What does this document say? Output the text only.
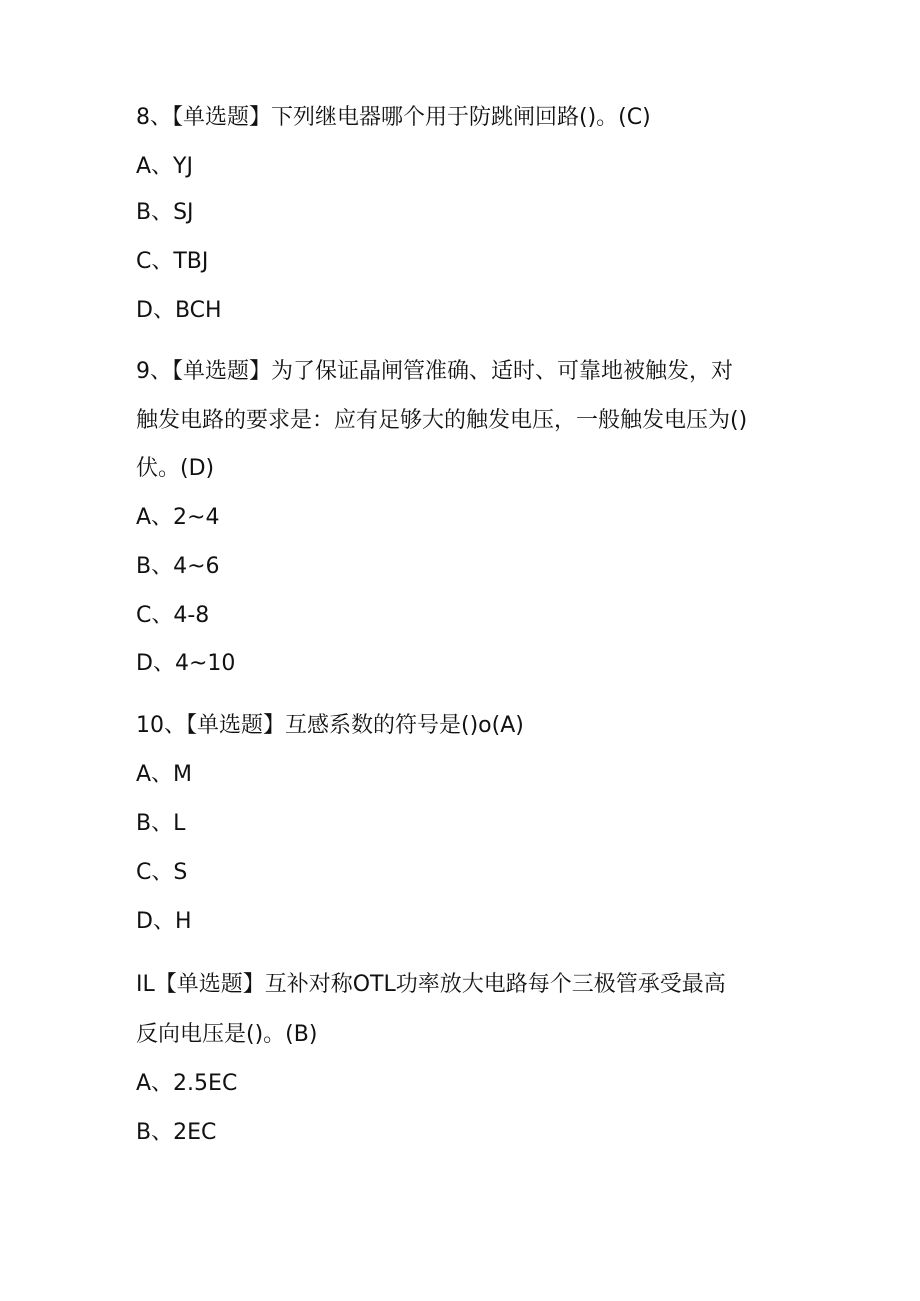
8、【单选题】下列继电器哪个用于防跳闸回路()。(C)
A、YJ
B、SJ
C、TBJ
D、BCH
9、【单选题】为了保证晶闸管准确、适时、可靠地被触发，对
触发电路的要求是：应有足够大的触发电压，一般触发电压为()
伏。(D)
A、2~4
B、4~6
C、4-8
D、4~10
10、【单选题】互感系数的符号是()o(A)
A、M
B、L
C、S
D、H
IL【单选题】互补对称OTL功率放大电路每个三极管承受最高
反向电压是()。(B)
A、2.5EC
B、2EC
